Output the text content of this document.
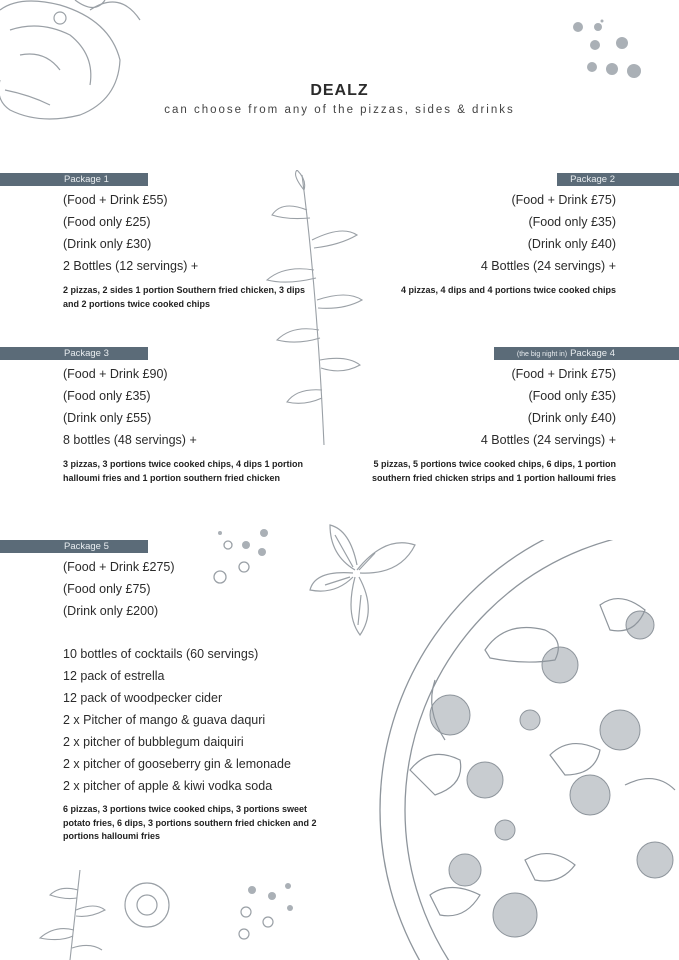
DEALZ
can choose from any of the pizzas, sides & drinks
Package 1
(Food + Drink £55)
(Food only £25)
(Drink only £30)
2 Bottles (12 servings) +
2 pizzas, 2 sides 1 portion Southern fried chicken, 3 dips and 2 portions twice cooked chips
Package 2
(Food + Drink £75)
(Food only £35)
(Drink only £40)
4 Bottles (24 servings) +
4 pizzas, 4 dips and 4 portions twice cooked chips
Package 3
(Food + Drink £90)
(Food only £35)
(Drink only £55)
8 bottles (48 servings) +
3 pizzas, 3 portions twice cooked chips, 4 dips 1 portion halloumi fries and 1 portion southern fried chicken
(the big night in) Package 4
(Food + Drink £75)
(Food only £35)
(Drink only £40)
4 Bottles (24 servings) +
5 pizzas, 5 portions twice cooked chips, 6 dips, 1 portion southern fried chicken strips and 1 portion halloumi fries
Package 5
(Food + Drink £275)
(Food only £75)
(Drink only £200)
10 bottles of cocktails (60 servings)
12 pack of estrella
12 pack of woodpecker cider
2 x Pitcher of mango & guava daquri
2 x pitcher of bubblegum daiquiri
2 x pitcher of gooseberry gin & lemonade
2 x pitcher of apple & kiwi vodka soda
6 pizzas, 3 portions twice cooked chips, 3 portions sweet potato fries, 6 dips, 3 portions southern fried chicken and 2 portions halloumi fries
